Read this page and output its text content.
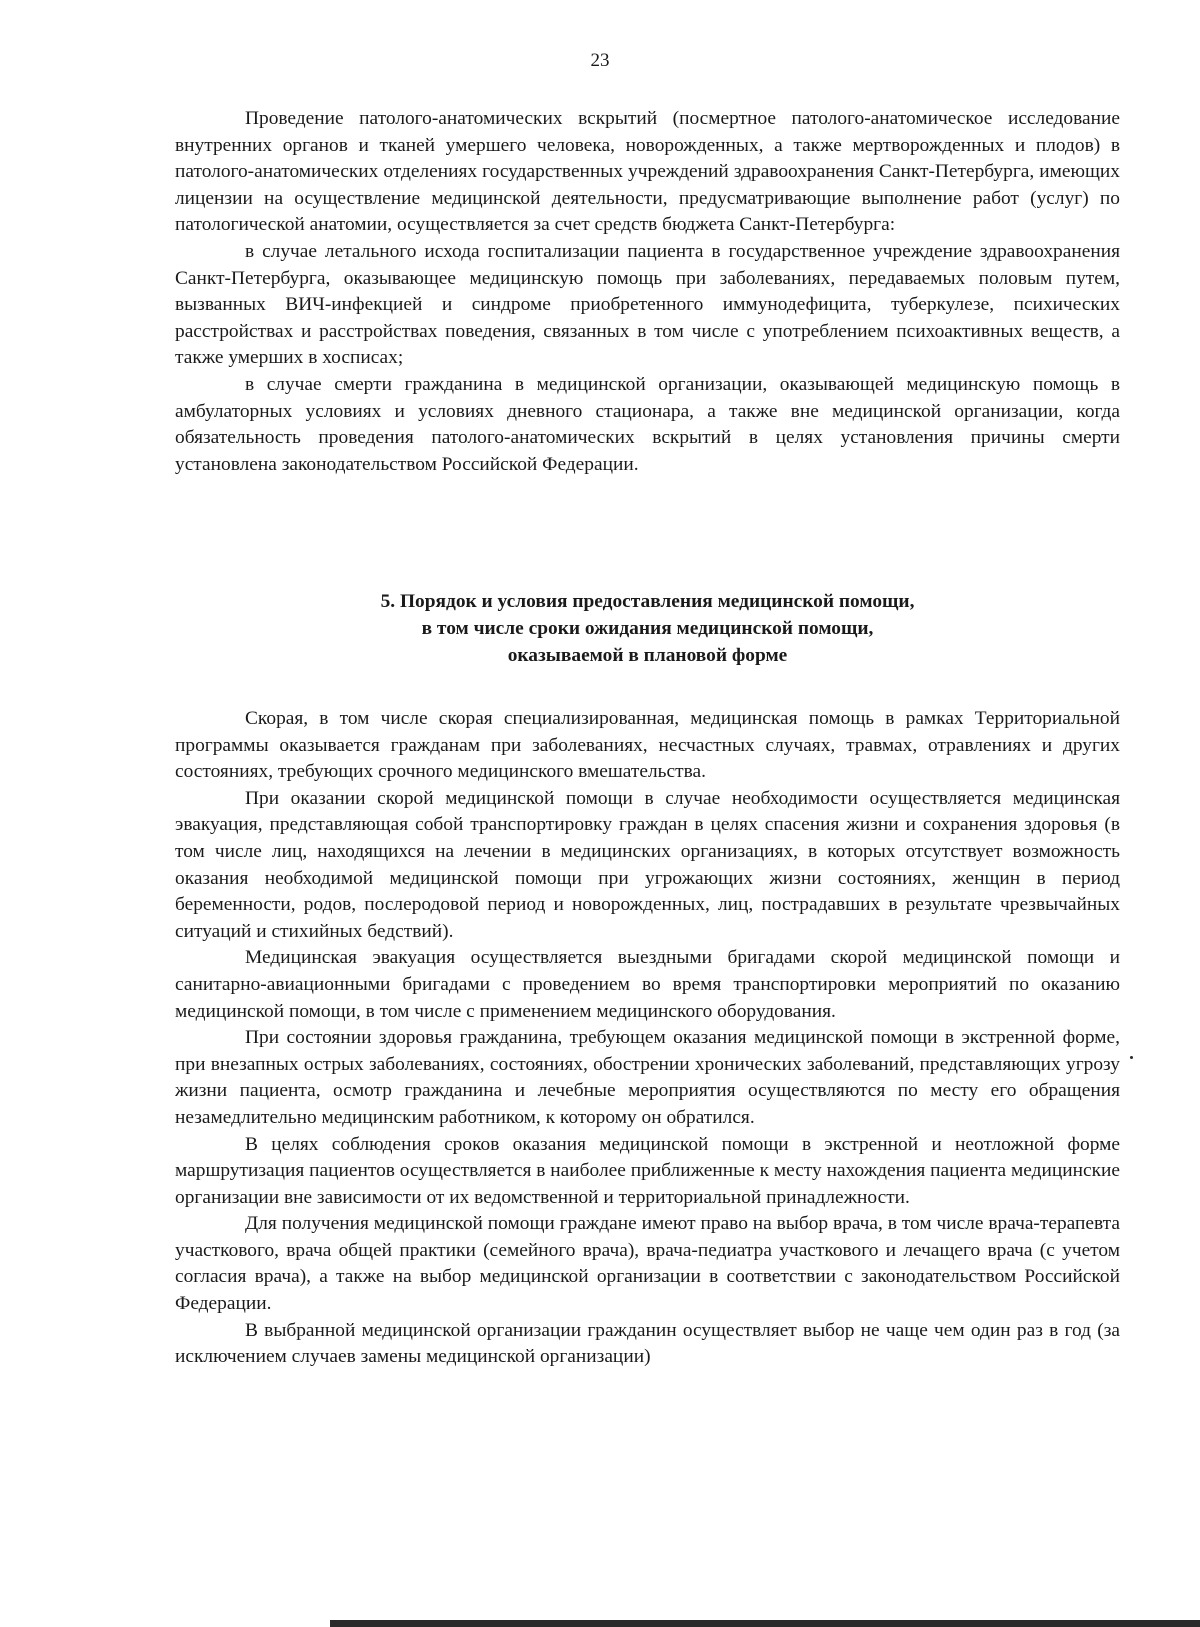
23

Проведение патолого-анатомических вскрытий (посмертное патолого-анатомическое исследование внутренних органов и тканей умершего человека, новорожденных, а также мертворожденных и плодов) в патолого-анатомических отделениях государственных учреждений здравоохранения Санкт-Петербурга, имеющих лицензии на осуществление медицинской деятельности, предусматривающие выполнение работ (услуг) по патологической анатомии, осуществляется за счет средств бюджета Санкт-Петербурга:

в случае летального исхода госпитализации пациента в государственное учреждение здравоохранения Санкт-Петербурга, оказывающее медицинскую помощь при заболеваниях, передаваемых половым путем, вызванных ВИЧ-инфекцией и синдроме приобретенного иммунодефицита, туберкулезе, психических расстройствах и расстройствах поведения, связанных в том числе с употреблением психоактивных веществ, а также умерших в хосписах;

в случае смерти гражданина в медицинской организации, оказывающей медицинскую помощь в амбулаторных условиях и условиях дневного стационара, а также вне медицинской организации, когда обязательность проведения патолого-анатомических вскрытий в целях установления причины смерти установлена законодательством Российской Федерации.

5. Порядок и условия предоставления медицинской помощи,
в том числе сроки ожидания медицинской помощи,
оказываемой в плановой форме

Скорая, в том числе скорая специализированная, медицинская помощь в рамках Территориальной программы оказывается гражданам при заболеваниях, несчастных случаях, травмах, отравлениях и других состояниях, требующих срочного медицинского вмешательства.

При оказании скорой медицинской помощи в случае необходимости осуществляется медицинская эвакуация, представляющая собой транспортировку граждан в целях спасения жизни и сохранения здоровья (в том числе лиц, находящихся на лечении в медицинских организациях, в которых отсутствует возможность оказания необходимой медицинской помощи при угрожающих жизни состояниях, женщин в период беременности, родов, послеродовой период и новорожденных, лиц, пострадавших в результате чрезвычайных ситуаций и стихийных бедствий).

Медицинская эвакуация осуществляется выездными бригадами скорой медицинской помощи и санитарно-авиационными бригадами с проведением во время транспортировки мероприятий по оказанию медицинской помощи, в том числе с применением медицинского оборудования.

При состоянии здоровья гражданина, требующем оказания медицинской помощи в экстренной форме, при внезапных острых заболеваниях, состояниях, обострении хронических заболеваний, представляющих угрозу жизни пациента, осмотр гражданина и лечебные мероприятия осуществляются по месту его обращения незамедлительно медицинским работником, к которому он обратился.

В целях соблюдения сроков оказания медицинской помощи в экстренной и неотложной форме маршрутизация пациентов осуществляется в наиболее приближенные к месту нахождения пациента медицинские организации вне зависимости от их ведомственной и территориальной принадлежности.

Для получения медицинской помощи граждане имеют право на выбор врача, в том числе врача-терапевта участкового, врача общей практики (семейного врача), врача-педиатра участкового и лечащего врача (с учетом согласия врача), а также на выбор медицинской организации в соответствии с законодательством Российской Федерации.

В выбранной медицинской организации гражданин осуществляет выбор не чаще чем один раз в год (за исключением случаев замены медицинской организации)
